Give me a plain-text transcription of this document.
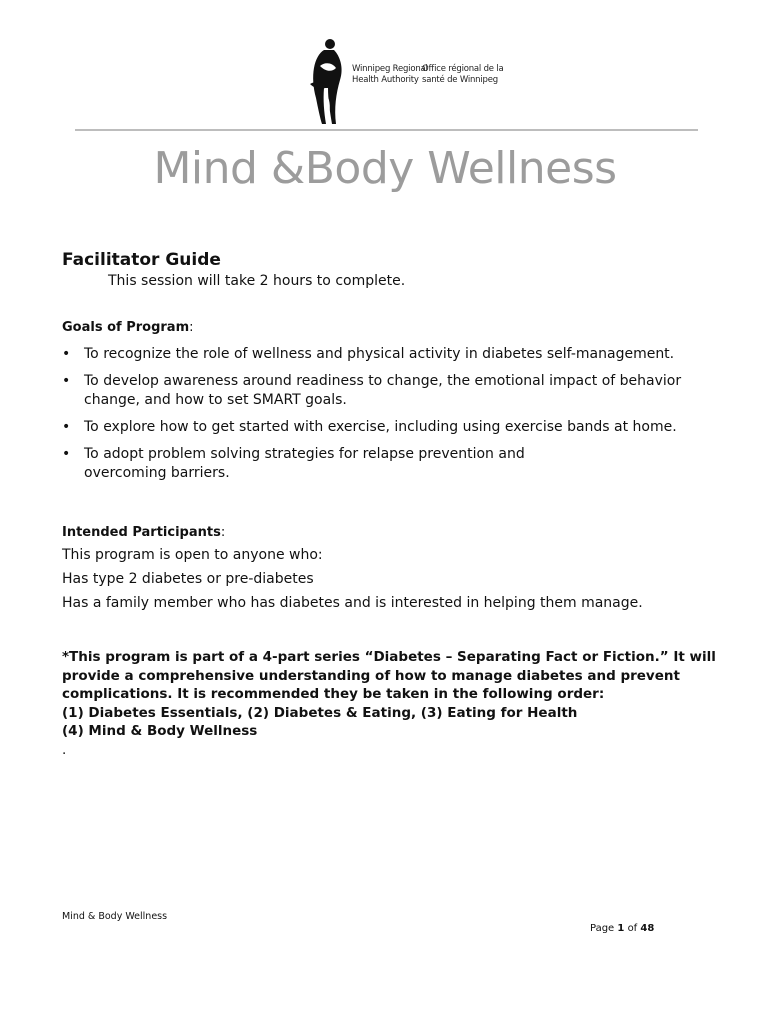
Winnipeg Regional
Health Authority
Office régional de la
santé de Winnipeg
Mind &Body Wellness
Facilitator Guide
This session will take 2 hours to complete.
Goals of Program:
• To recognize the role of wellness and physical activity in diabetes self-management.
• To develop awareness around readiness to change, the emotional impact of behavior change, and how to set SMART goals.
• To explore how to get started with exercise, including using exercise bands at home.
• To adopt problem solving strategies for relapse prevention and overcoming barriers.
Intended Participants:
This program is open to anyone who:
Has type 2 diabetes or pre-diabetes
Has a family member who has diabetes and is interested in helping them manage.
*This program is part of a 4-part series “Diabetes – Separating Fact or Fiction.” It will
provide a comprehensive understanding of how to manage diabetes and prevent
complications. It is recommended they be taken in the following order:
(1) Diabetes Essentials, (2) Diabetes & Eating, (3) Eating for Health
(4) Mind & Body Wellness
.
Mind & Body Wellness
Page 1 of 48
